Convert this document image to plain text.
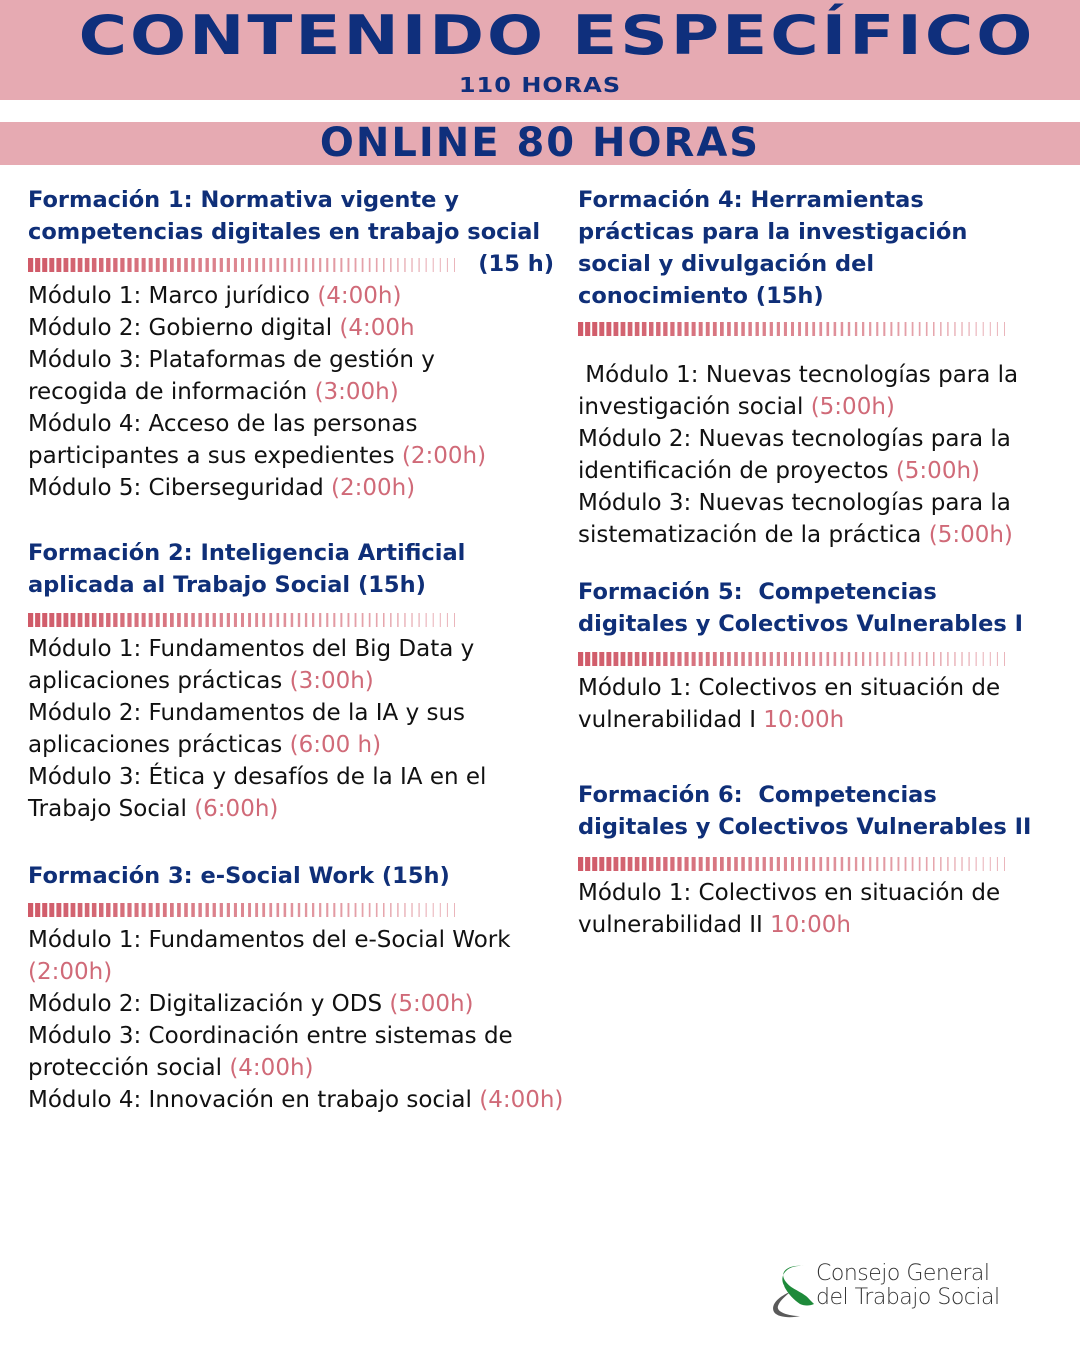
CONTENIDO ESPECÍFICO
110 HORAS
ONLINE 80 HORAS

Formación 1: Normativa vigente y

competencias digitales en trabajo social

(15 h)

Módulo 1: Marco jurídico (4:00h)

Módulo 2: Gobierno digital (4:00h

Módulo 3: Plataformas de gestión y

recogida de información (3:00h)

Módulo 4: Acceso de las personas

participantes a sus expedientes (2:00h)

Módulo 5: Ciberseguridad (2:00h)

Formación 2: Inteligencia Artificial

aplicada al Trabajo Social (15h)

Módulo 1: Fundamentos del Big Data y

aplicaciones prácticas (3:00h)

Módulo 2: Fundamentos de la IA y sus

aplicaciones prácticas (6:00 h)

Módulo 3: Ética y desafíos de la IA en el

Trabajo Social (6:00h)

Formación 3: e-Social Work (15h)

Módulo 1: Fundamentos del e-Social Work

(2:00h)

Módulo 2: Digitalización y ODS (5:00h)

Módulo 3: Coordinación entre sistemas de

protección social (4:00h)

Módulo 4: Innovación en trabajo social (4:00h)

Formación 4: Herramientas

prácticas para la investigación

social y divulgación del

conocimiento (15h)

Módulo 1: Nuevas tecnologías para la

investigación social (5:00h)

Módulo 2: Nuevas tecnologías para la

identificación de proyectos (5:00h)

Módulo 3: Nuevas tecnologías para la

sistematización de la práctica (5:00h)

Formación 5:  Competencias

digitales y Colectivos Vulnerables I

Módulo 1: Colectivos en situación de

vulnerabilidad I 10:00h

Formación 6:  Competencias

digitales y Colectivos Vulnerables II

Módulo 1: Colectivos en situación de

vulnerabilidad II 10:00h

Consejo General
del Trabajo Social
